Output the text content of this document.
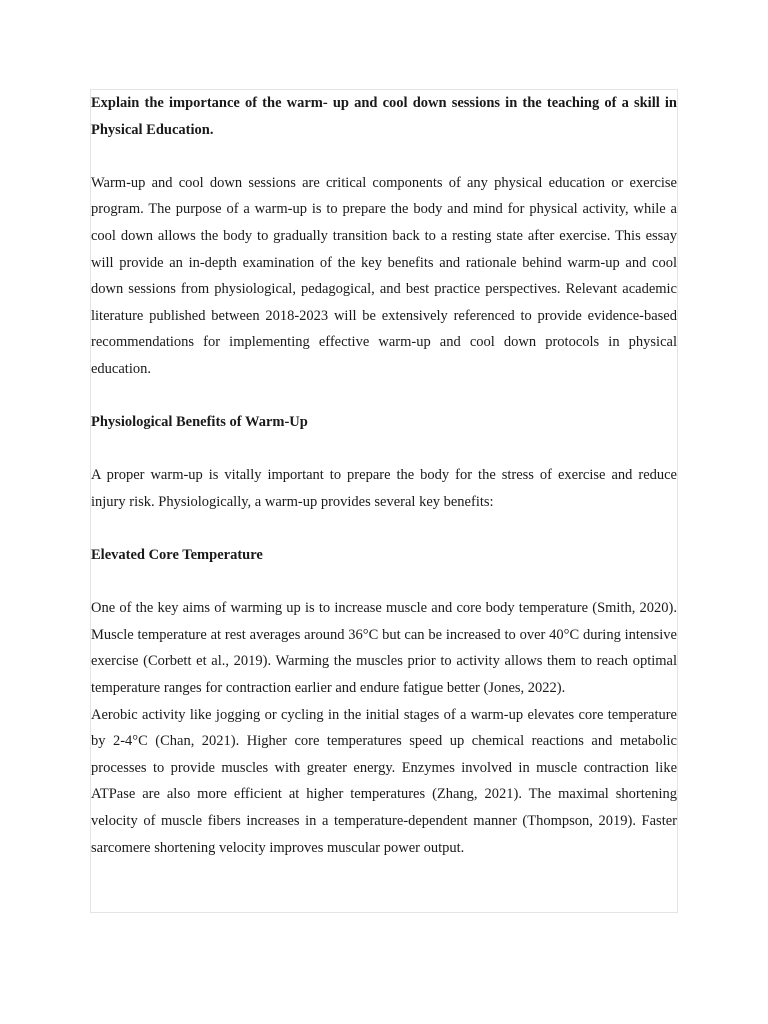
Explain the importance of the warm- up and cool down sessions in the teaching of a skill in Physical Education.

Warm-up and cool down sessions are critical components of any physical education or exercise program. The purpose of a warm-up is to prepare the body and mind for physical activity, while a cool down allows the body to gradually transition back to a resting state after exercise. This essay will provide an in-depth examination of the key benefits and rationale behind warm-up and cool down sessions from physiological, pedagogical, and best practice perspectives. Relevant academic literature published between 2018-2023 will be extensively referenced to provide evidence-based recommendations for implementing effective warm-up and cool down protocols in physical education.

Physiological Benefits of Warm-Up

A proper warm-up is vitally important to prepare the body for the stress of exercise and reduce injury risk. Physiologically, a warm-up provides several key benefits:

Elevated Core Temperature

One of the key aims of warming up is to increase muscle and core body temperature (Smith, 2020). Muscle temperature at rest averages around 36°C but can be increased to over 40°C during intensive exercise (Corbett et al., 2019). Warming the muscles prior to activity allows them to reach optimal temperature ranges for contraction earlier and endure fatigue better (Jones, 2022).

Aerobic activity like jogging or cycling in the initial stages of a warm-up elevates core temperature by 2-4°C (Chan, 2021). Higher core temperatures speed up chemical reactions and metabolic processes to provide muscles with greater energy. Enzymes involved in muscle contraction like ATPase are also more efficient at higher temperatures (Zhang, 2021). The maximal shortening velocity of muscle fibers increases in a temperature-dependent manner (Thompson, 2019). Faster sarcomere shortening velocity improves muscular power output.
